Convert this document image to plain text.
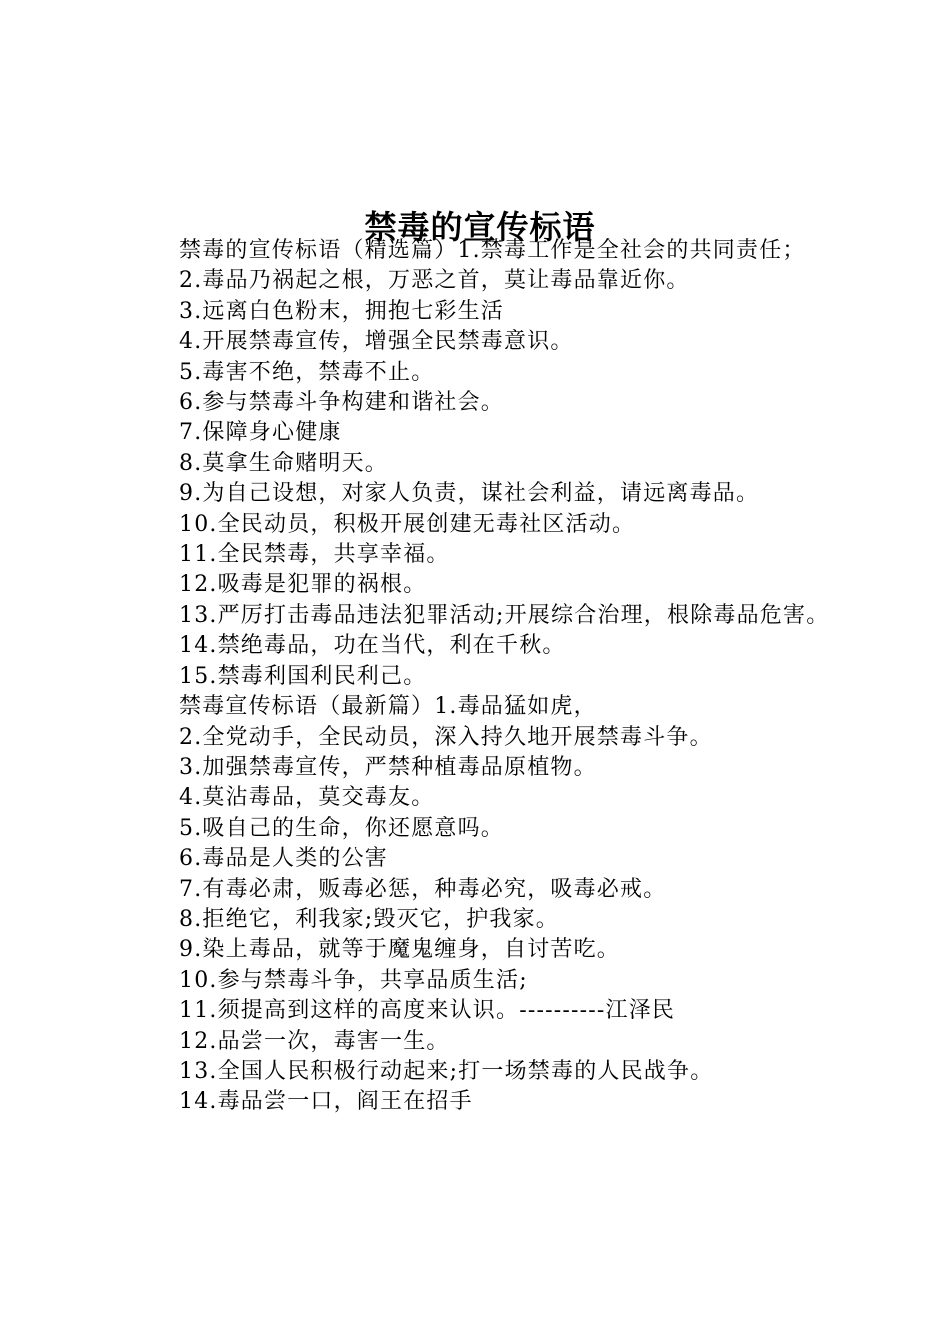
禁毒的宣传标语

禁毒的宣传标语（精选篇）1.禁毒工作是全社会的共同责任；

2.毒品乃祸起之根，万恶之首，莫让毒品靠近你。

3.远离白色粉末，拥抱七彩生活

4.开展禁毒宣传，增强全民禁毒意识。

5.毒害不绝，禁毒不止。

6.参与禁毒斗争构建和谐社会。

7.保障身心健康

8.莫拿生命赌明天。

9.为自己设想，对家人负责，谋社会利益，请远离毒品。

10.全民动员，积极开展创建无毒社区活动。

11.全民禁毒，共享幸福。

12.吸毒是犯罪的祸根。

13.严厉打击毒品违法犯罪活动;开展综合治理，根除毒品危害。

14.禁绝毒品，功在当代，利在千秋。

15.禁毒利国利民利己。

禁毒宣传标语（最新篇）1.毒品猛如虎，

2.全党动手，全民动员，深入持久地开展禁毒斗争。

3.加强禁毒宣传，严禁种植毒品原植物。

4.莫沾毒品，莫交毒友。

5.吸自己的生命，你还愿意吗。

6.毒品是人类的公害

7.有毒必肃，贩毒必惩，种毒必究，吸毒必戒。

8.拒绝它，利我家;毁灭它，护我家。

9.染上毒品，就等于魔鬼缠身，自讨苦吃。

10.参与禁毒斗争，共享品质生活;

11.须提高到这样的高度来认识。----------江泽民

12.品尝一次，毒害一生。

13.全国人民积极行动起来;打一场禁毒的人民战争。

14.毒品尝一口，阎王在招手
